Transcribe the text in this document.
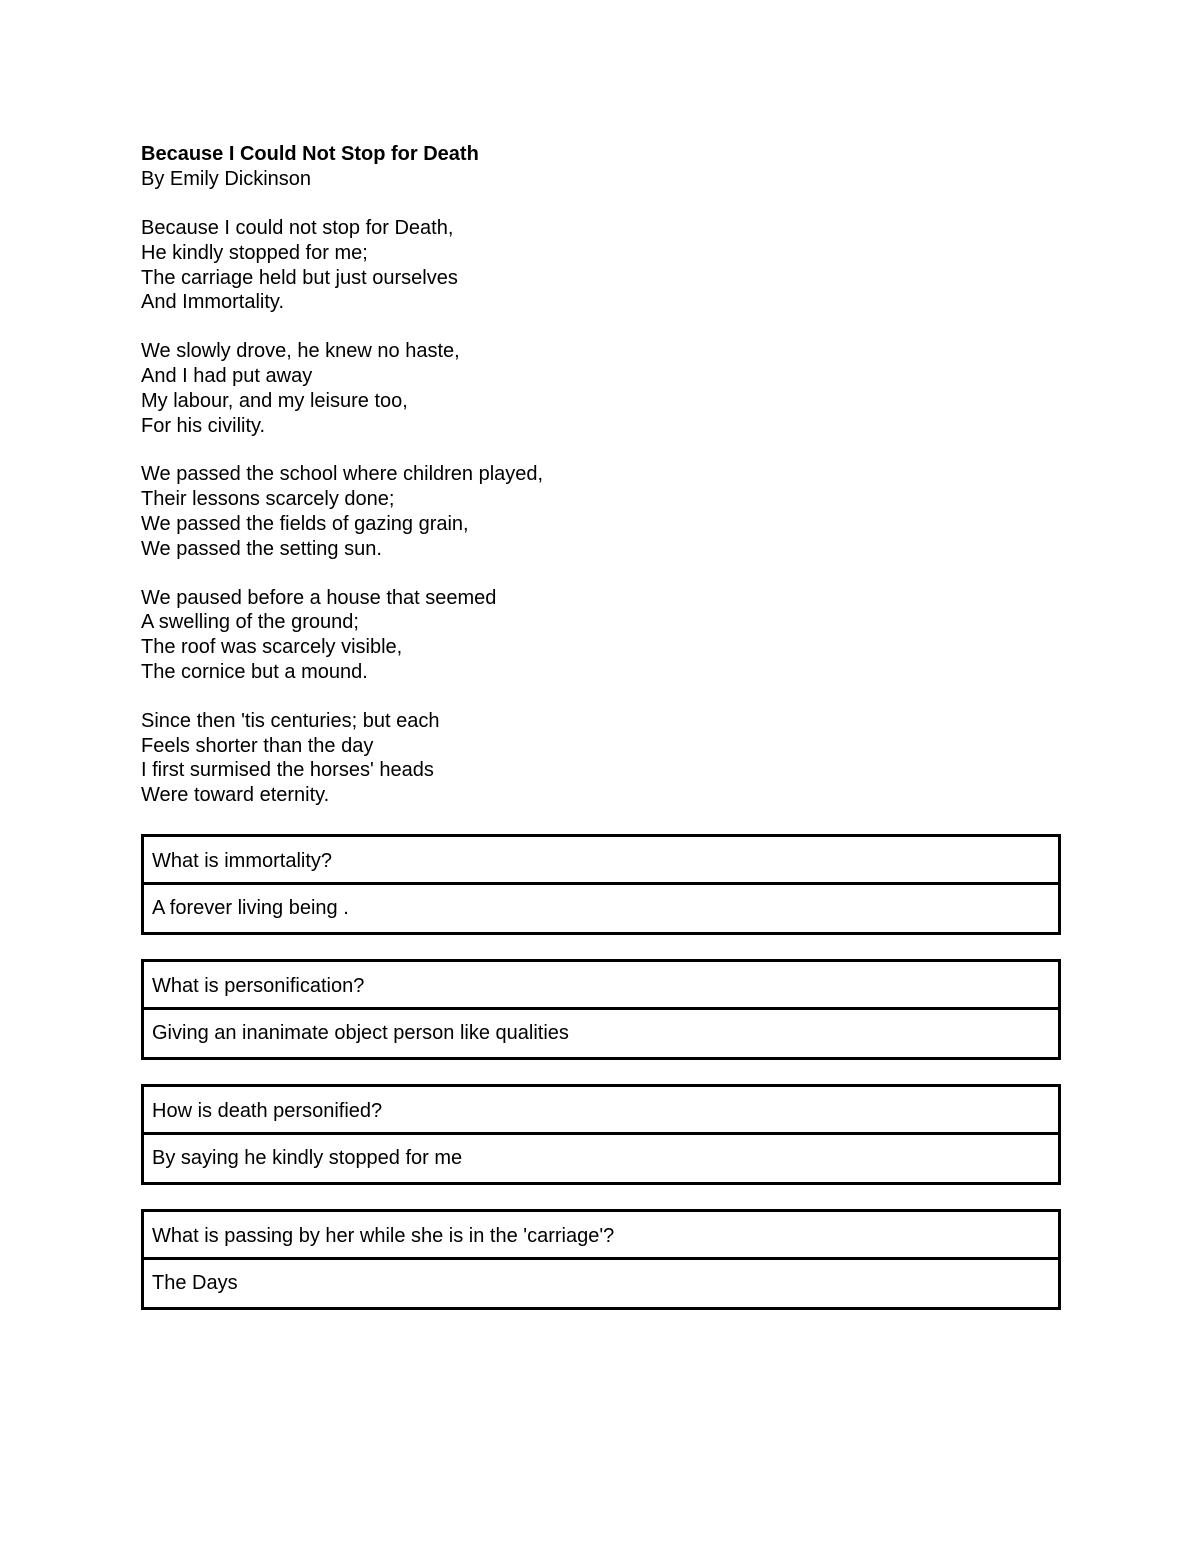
Because I Could Not Stop for Death

By Emily Dickinson

Because I could not stop for Death,
He kindly stopped for me;
The carriage held but just ourselves
And Immortality.
We slowly drove, he knew no haste,
And I had put away
My labour, and my leisure too,
For his civility.
We passed the school where children played,
Their lessons scarcely done;
We passed the fields of gazing grain,
We passed the setting sun.
We paused before a house that seemed
A swelling of the ground;
The roof was scarcely visible,
The cornice but a mound.
Since then 'tis centuries; but each
Feels shorter than the day
I first surmised the horses' heads
Were toward eternity.
What is immortality?
A forever living being .
What is personification?
Giving an inanimate object person like qualities
How is death personified?
By saying he kindly stopped for me
What is passing by her while she is in the 'carriage'?
The Days
